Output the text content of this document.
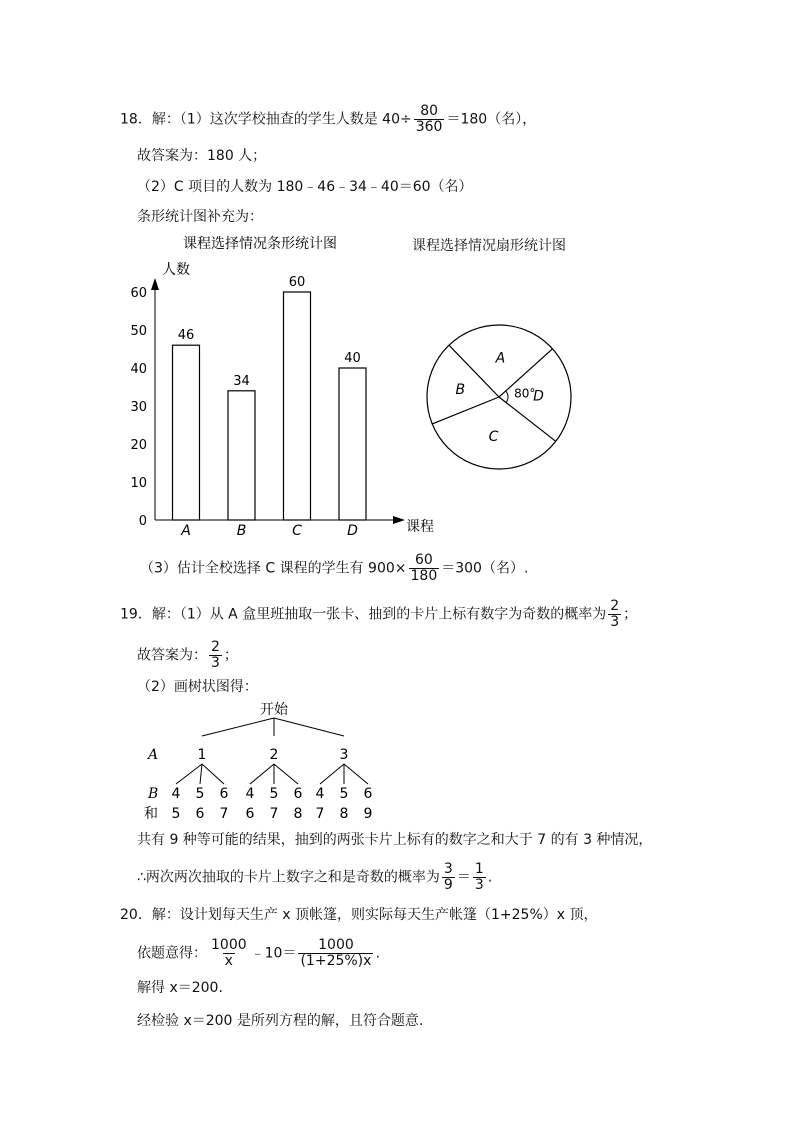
18．解：（1）这次学校抽查的学生人数是 $40\div \frac{80}{360} =180$（名），
故答案为：180 人；
（2）C 项目的人数为 180﹣46﹣34﹣40＝60（名）
条形统计图补充为：
课程选择情况条形统计图
人数
课程
0
10
20
30
40
50
60
46
A
34
B
60
C
40
D
课程选择情况扇形统计图
D
A
B
C
80°
（3）估计全校选择 C 课程的学生有 $900\times \frac{60}{180} =300$（名）.
19．解：（1）从 A 盒里班抽取一张卡、抽到的卡片上标有数字为奇数的概率为 $\frac{2}{3}$ ；
故答案为： $\frac{2}{3}$ ；
（2）画树状图得：
开始
A
B
和
1
4
5
5
6
6
7
2
4
6
5
7
6
8
3
4
7
5
8
6
9
共有 9 种等可能的结果，抽到的两张卡片上标有的数字之和大于 7 的有 3 种情况，
∴两次两次抽取的卡片上数字之和是奇数的概率为 $\frac{3}{9} = \frac{1}{3}$ .
20．解：设计划每天生产 x 顶帐篷，则实际每天生产帐篷（1+25%）x 顶，
依题意得： $\frac{1000}{x}$ ﹣10＝ $\frac{1000}{(1+25\%)x}$ .
解得 x＝200.
经检验 x＝200 是所列方程的解，且符合题意.
